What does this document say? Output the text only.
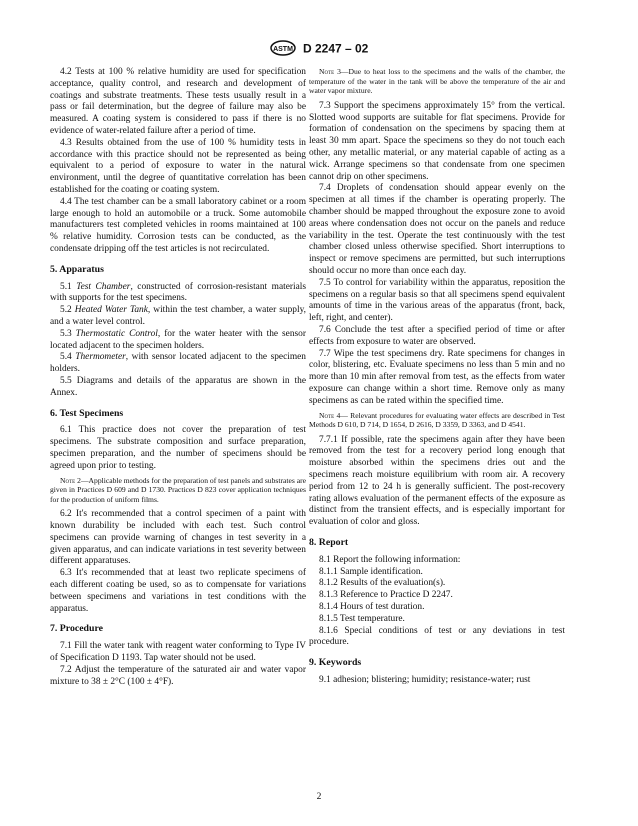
ASTM D 2247 – 02

4.2 Tests at 100 % relative humidity are used for specification acceptance, quality control, and research and development of coatings and substrate treatments. These tests usually result in a pass or fail determination, but the degree of failure may also be measured. A coating system is considered to pass if there is no evidence of water-related failure after a period of time.

4.3 Results obtained from the use of 100 % humidity tests in accordance with this practice should not be represented as being equivalent to a period of exposure to water in the natural environment, until the degree of quantitative correlation has been established for the coating or coating system.

4.4 The test chamber can be a small laboratory cabinet or a room large enough to hold an automobile or a truck. Some automobile manufacturers test completed vehicles in rooms maintained at 100 % relative humidity. Corrosion tests can be conducted, as the condensate dripping off the test articles is not recirculated.

5. Apparatus

5.1 Test Chamber, constructed of corrosion-resistant materials with supports for the test specimens.

5.2 Heated Water Tank, within the test chamber, a water supply, and a water level control.

5.3 Thermostatic Control, for the water heater with the sensor located adjacent to the specimen holders.

5.4 Thermometer, with sensor located adjacent to the specimen holders.

5.5 Diagrams and details of the apparatus are shown in the Annex.

6. Test Specimens

6.1 This practice does not cover the preparation of test specimens. The substrate composition and surface preparation, specimen preparation, and the number of specimens should be agreed upon prior to testing.

Note 2—Applicable methods for the preparation of test panels and substrates are given in Practices D 609 and D 1730. Practices D 823 cover application techniques for the production of uniform films.

6.2 It's recommended that a control specimen of a paint with known durability be included with each test. Such control specimens can provide warning of changes in test severity in a given apparatus, and can indicate variations in test severity between different apparatuses.

6.3 It's recommended that at least two replicate specimens of each different coating be used, so as to compensate for variations between specimens and variations in test conditions with the apparatus.

7. Procedure

7.1 Fill the water tank with reagent water conforming to Type IV of Specification D 1193. Tap water should not be used.

7.2 Adjust the temperature of the saturated air and water vapor mixture to 38 ± 2°C (100 ± 4°F).

Note 3—Due to heat loss to the specimens and the walls of the chamber, the temperature of the water in the tank will be above the temperature of the air and water vapor mixture.

7.3 Support the specimens approximately 15° from the vertical. Slotted wood supports are suitable for flat specimens. Provide for formation of condensation on the specimens by spacing them at least 30 mm apart. Space the specimens so they do not touch each other, any metallic material, or any material capable of acting as a wick. Arrange specimens so that condensate from one specimen cannot drip on other specimens.

7.4 Droplets of condensation should appear evenly on the specimen at all times if the chamber is operating properly. The chamber should be mapped throughout the exposure zone to avoid areas where condensation does not occur on the panels and reduce variability in the test. Operate the test continuously with the test chamber closed unless otherwise specified. Short interruptions to inspect or remove specimens are permitted, but such interruptions should occur no more than once each day.

7.5 To control for variability within the apparatus, reposition the specimens on a regular basis so that all specimens spend equivalent amounts of time in the various areas of the apparatus (front, back, left, right, and center).

7.6 Conclude the test after a specified period of time or after effects from exposure to water are observed.

7.7 Wipe the test specimens dry. Rate specimens for changes in color, blistering, etc. Evaluate specimens no less than 5 min and no more than 10 min after removal from test, as the effects from water exposure can change within a short time. Remove only as many specimens as can be rated within the specified time.

Note 4— Relevant procedures for evaluating water effects are described in Test Methods D 610, D 714, D 1654, D 2616, D 3359, D 3363, and D 4541.

7.7.1 If possible, rate the specimens again after they have been removed from the test for a recovery period long enough that moisture absorbed within the specimens dries out and the specimens reach moisture equilibrium with room air. A recovery period from 12 to 24 h is generally sufficient. The post-recovery rating allows evaluation of the permanent effects of the exposure as distinct from the transient effects, and is especially important for evaluation of color and gloss.

8. Report

8.1 Report the following information:

8.1.1 Sample identification.

8.1.2 Results of the evaluation(s).

8.1.3 Reference to Practice D 2247.

8.1.4 Hours of test duration.

8.1.5 Test temperature.

8.1.6 Special conditions of test or any deviations in test procedure.

9. Keywords

9.1 adhesion; blistering; humidity; resistance-water; rust

2
